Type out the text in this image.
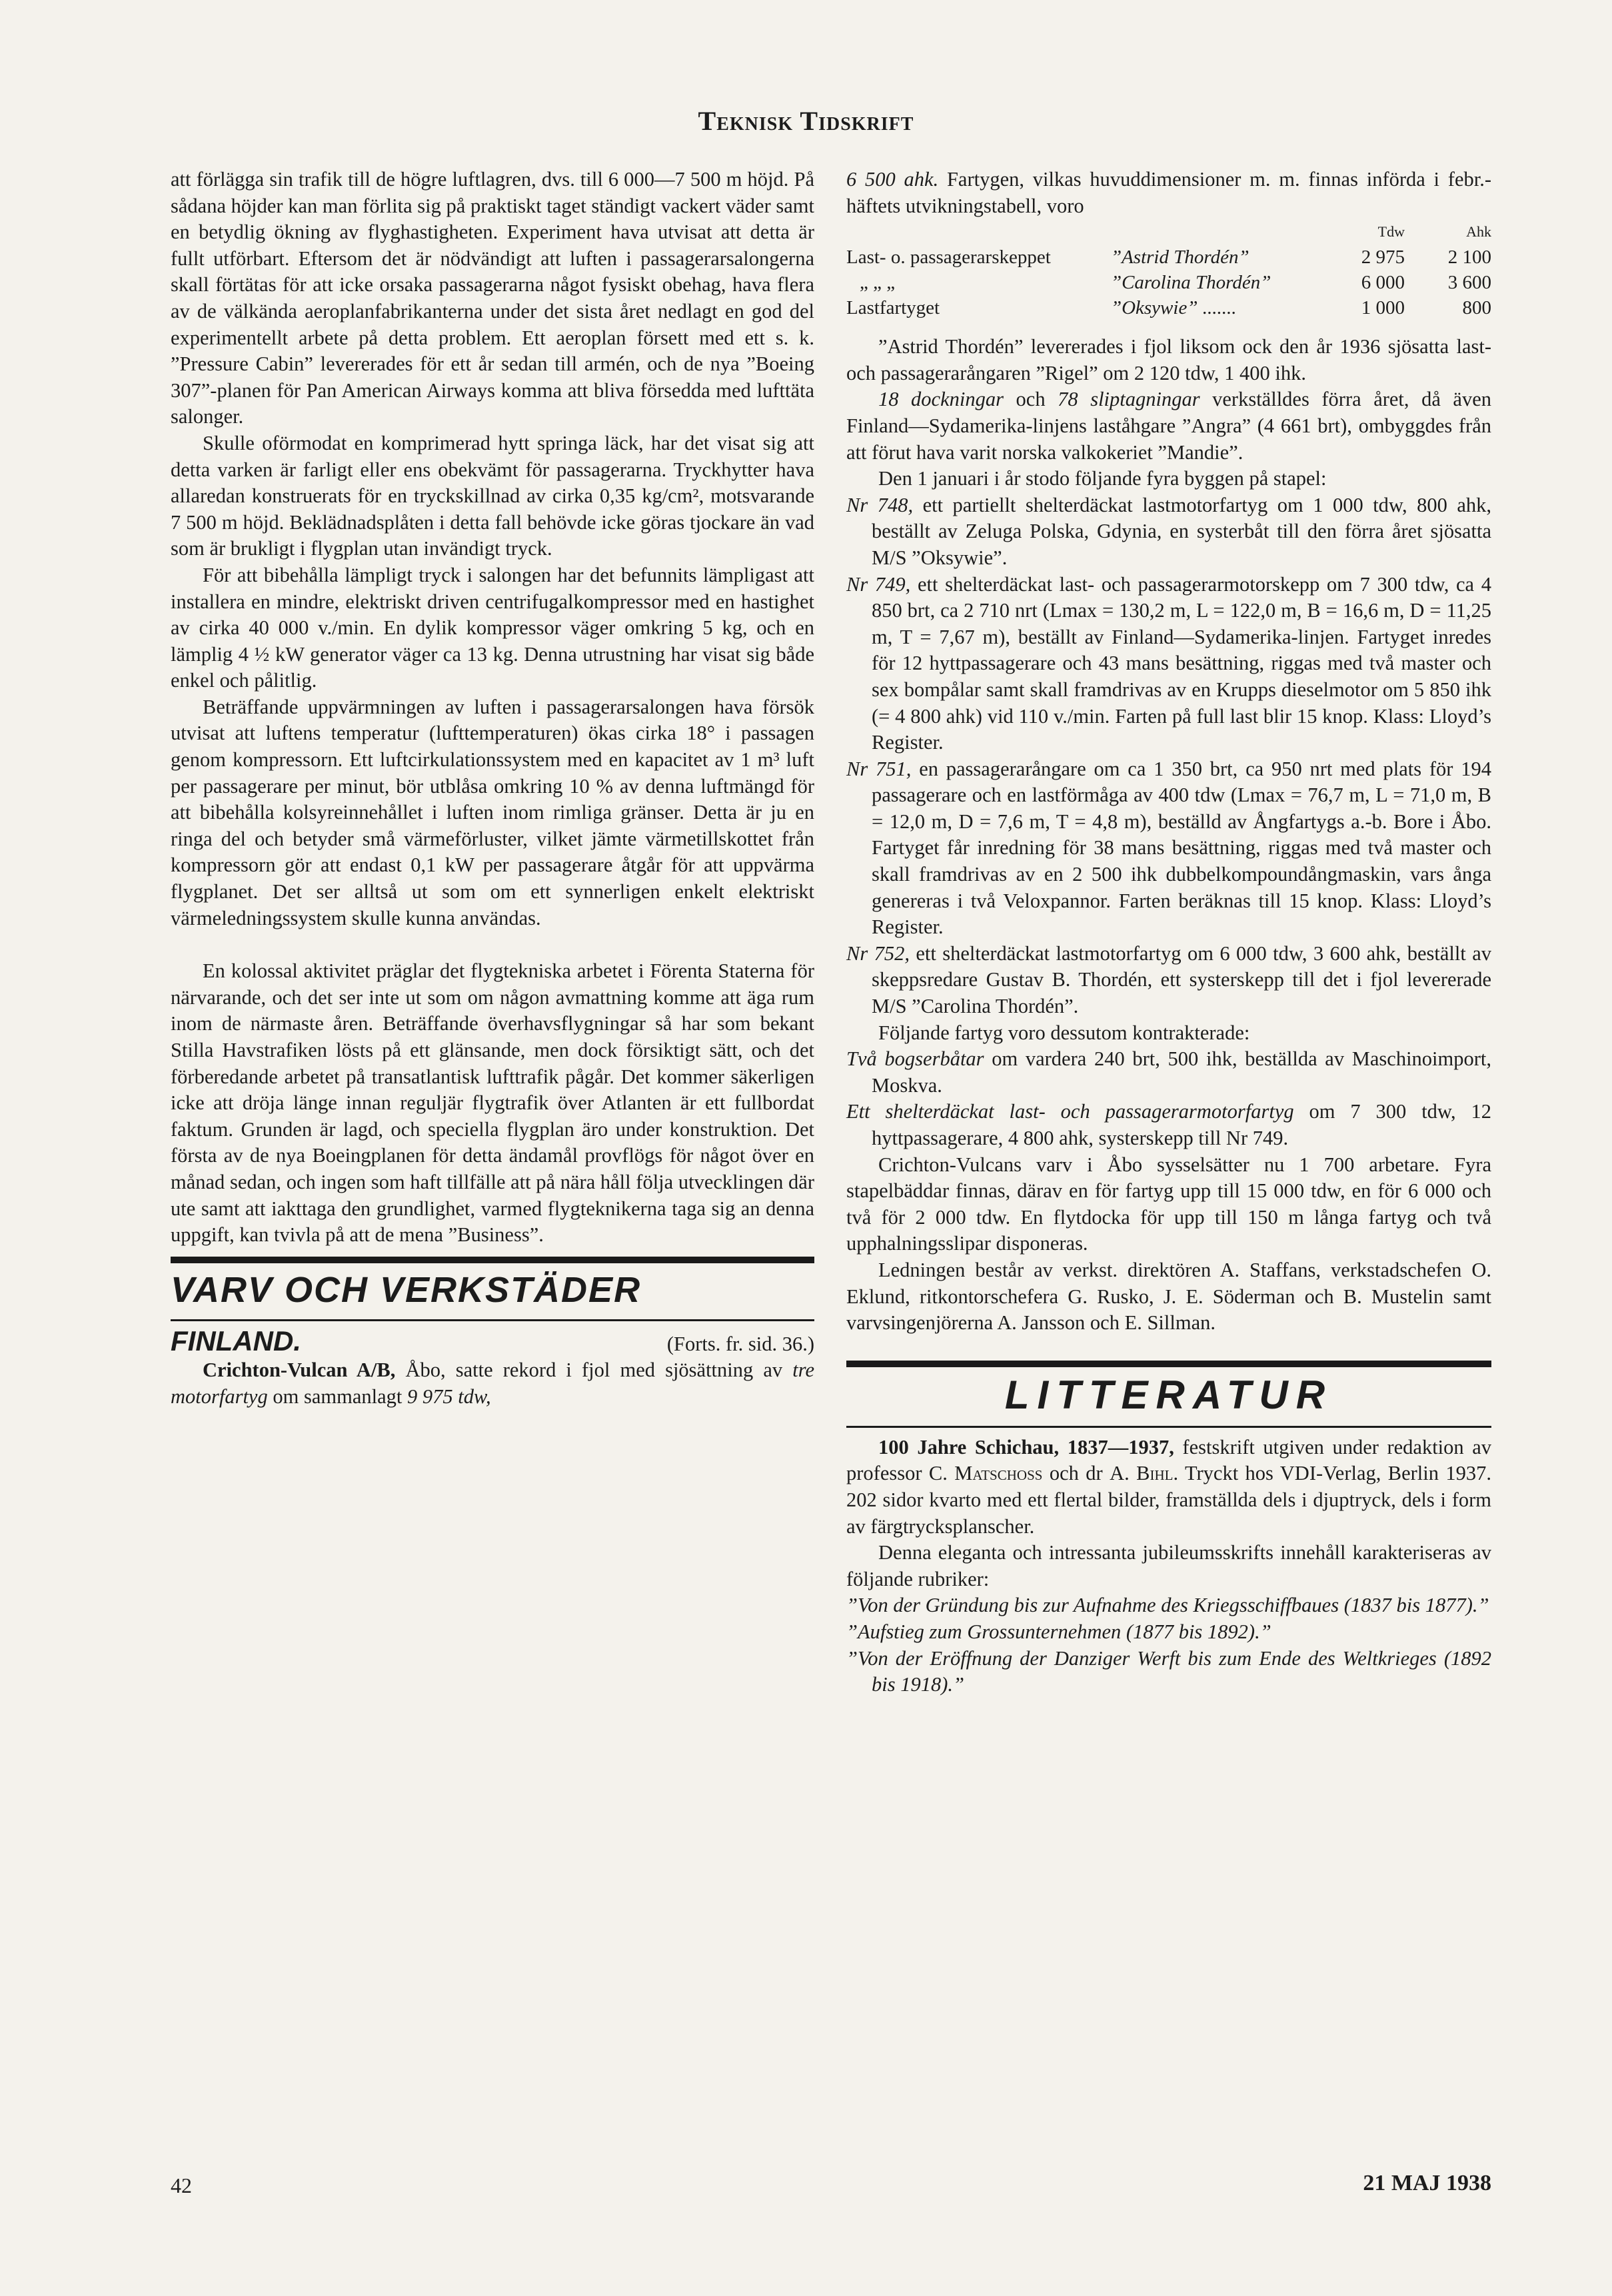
Teknisk Tidskrift

att förlägga sin trafik till de högre luftlagren, dvs. till 6 000—7 500 m höjd. På sådana höjder kan man förlita sig på praktiskt taget ständigt vackert väder samt en betydlig ökning av flyghastigheten. Experiment hava utvisat att detta är fullt utförbart. Eftersom det är nödvändigt att luften i passagerarsalongerna skall förtätas för att icke orsaka passagerarna något fysiskt obehag, hava flera av de välkända aeroplanfabrikanterna under det sista året nedlagt en god del experimentellt arbete på detta problem. Ett aeroplan försett med ett s. k. ”Pressure Cabin” levererades för ett år sedan till armén, och de nya ”Boeing 307”-planen för Pan American Airways komma att bliva försedda med lufttäta salonger.

Skulle oförmodat en komprimerad hytt springa läck, har det visat sig att detta varken är farligt eller ens obekvämt för passagerarna. Tryckhytter hava allaredan konstruerats för en tryckskillnad av cirka 0,35 kg/cm², motsvarande 7 500 m höjd. Beklädnadsplåten i detta fall behövde icke göras tjockare än vad som är brukligt i flygplan utan invändigt tryck.

För att bibehålla lämpligt tryck i salongen har det befunnits lämpligast att installera en mindre, elektriskt driven centrifugalkompressor med en hastighet av cirka 40 000 v./min. En dylik kompressor väger omkring 5 kg, och en lämplig 4 ½ kW generator väger ca 13 kg. Denna utrustning har visat sig både enkel och pålitlig.

Beträffande uppvärmningen av luften i passagerarsalongen hava försök utvisat att luftens temperatur (lufttemperaturen) ökas cirka 18° i passagen genom kompressorn. Ett luftcirkulationssystem med en kapacitet av 1 m³ luft per passagerare per minut, bör utblåsa omkring 10 % av denna luftmängd för att bibehålla kolsyreinnehållet i luften inom rimliga gränser. Detta är ju en ringa del och betyder små värmeförluster, vilket jämte värmetillskottet från kompressorn gör att endast 0,1 kW per passagerare åtgår för att uppvärma flygplanet. Det ser alltså ut som om ett synnerligen enkelt elektriskt värmeledningssystem skulle kunna användas.

En kolossal aktivitet präglar det flygtekniska arbetet i Förenta Staterna för närvarande, och det ser inte ut som om någon avmattning komme att äga rum inom de närmaste åren. Beträffande överhavsflygningar så har som bekant Stilla Havstrafiken lösts på ett glänsande, men dock försiktigt sätt, och det förberedande arbetet på transatlantisk lufttrafik pågår. Det kommer säkerligen icke att dröja länge innan reguljär flygtrafik över Atlanten är ett fullbordat faktum. Grunden är lagd, och speciella flygplan äro under konstruktion. Det första av de nya Boeingplanen för detta ändamål provflögs för något över en månad sedan, och ingen som haft tillfälle att på nära håll följa utvecklingen där ute samt att iakttaga den grundlighet, varmed flygteknikerna taga sig an denna uppgift, kan tvivla på att de mena ”Business”.

VARV OCH VERKSTÄDER
FINLAND.	(Forts. fr. sid. 36.)

Crichton-Vulcan A/B, Åbo, satte rekord i fjol med sjösättning av tre motorfartyg om sammanlagt 9 975 tdw,

6 500 ahk. Fartygen, vilkas huvuddimensioner m. m. finnas införda i febr.-häftets utvikningstabell, voro

		Tdw	Ahk
Last- o. passagerarskeppet	”Astrid Thordén”	2 975	2 100
„ „ „	”Carolina Thordén”	6 000	3 600
Lastfartyget	”Oksywie” .......	1 000	800

”Astrid Thordén” levererades i fjol liksom ock den år 1936 sjösatta last- och passagerarångaren ”Rigel” om 2 120 tdw, 1 400 ihk.

18 dockningar och 78 sliptagningar verkställdes förra året, då även Finland—Sydamerika-linjens laståhgare ”Angra” (4 661 brt), ombyggdes från att förut hava varit norska valkokeriet ”Mandie”.

Den 1 januari i år stodo följande fyra byggen på stapel:

Nr 748, ett partiellt shelterdäckat lastmotorfartyg om 1 000 tdw, 800 ahk, beställt av Zeluga Polska, Gdynia, en systerbåt till den förra året sjösatta M/S ”Oksywie”.

Nr 749, ett shelterdäckat last- och passagerarmotorskepp om 7 300 tdw, ca 4 850 brt, ca 2 710 nrt (Lmax = 130,2 m, L = 122,0 m, B = 16,6 m, D = 11,25 m, T = 7,67 m), beställt av Finland—Sydamerika-linjen. Fartyget inredes för 12 hyttpassagerare och 43 mans besättning, riggas med två master och sex bompålar samt skall framdrivas av en Krupps dieselmotor om 5 850 ihk (= 4 800 ahk) vid 110 v./min. Farten på full last blir 15 knop. Klass: Lloyd’s Register.

Nr 751, en passagerarångare om ca 1 350 brt, ca 950 nrt med plats för 194 passagerare och en lastförmåga av 400 tdw (Lmax = 76,7 m, L = 71,0 m, B = 12,0 m, D = 7,6 m, T = 4,8 m), beställd av Ångfartygs a.-b. Bore i Åbo. Fartyget får inredning för 38 mans besättning, riggas med två master och skall framdrivas av en 2 500 ihk dubbelkompoundångmaskin, vars ånga genereras i två Veloxpannor. Farten beräknas till 15 knop. Klass: Lloyd’s Register.

Nr 752, ett shelterdäckat lastmotorfartyg om 6 000 tdw, 3 600 ahk, beställt av skeppsredare Gustav B. Thordén, ett systerskepp till det i fjol levererade M/S ”Carolina Thordén”.

Följande fartyg voro dessutom kontrakterade:

Två bogserbåtar om vardera 240 brt, 500 ihk, beställda av Maschinoimport, Moskva.

Ett shelterdäckat last- och passagerarmotorfartyg om 7 300 tdw, 12 hyttpassagerare, 4 800 ahk, systerskepp till Nr 749.

Crichton-Vulcans varv i Åbo sysselsätter nu 1 700 arbetare. Fyra stapelbäddar finnas, därav en för fartyg upp till 15 000 tdw, en för 6 000 och två för 2 000 tdw. En flytdocka för upp till 150 m långa fartyg och två upphalningsslipar disponeras.

Ledningen består av verkst. direktören A. Staffans, verkstadschefen O. Eklund, ritkontorschefera G. Rusko, J. E. Söderman och B. Mustelin samt varvsingenjörerna A. Jansson och E. Sillman.

LITTERATUR

100 Jahre Schichau, 1837—1937, festskrift utgiven under redaktion av professor C. Matschoss och dr A. Bihl. Tryckt hos VDI-Verlag, Berlin 1937. 202 sidor kvarto med ett flertal bilder, framställda dels i djuptryck, dels i form av färgtrycksplanscher.

Denna eleganta och intressanta jubileumsskrifts innehåll karakteriseras av följande rubriker:

”Von der Gründung bis zur Aufnahme des Kriegsschiffbaues (1837 bis 1877).”

”Aufstieg zum Grossunternehmen (1877 bis 1892).”

”Von der Eröffnung der Danziger Werft bis zum Ende des Weltkrieges (1892 bis 1918).”

42	21 MAJ 1938
